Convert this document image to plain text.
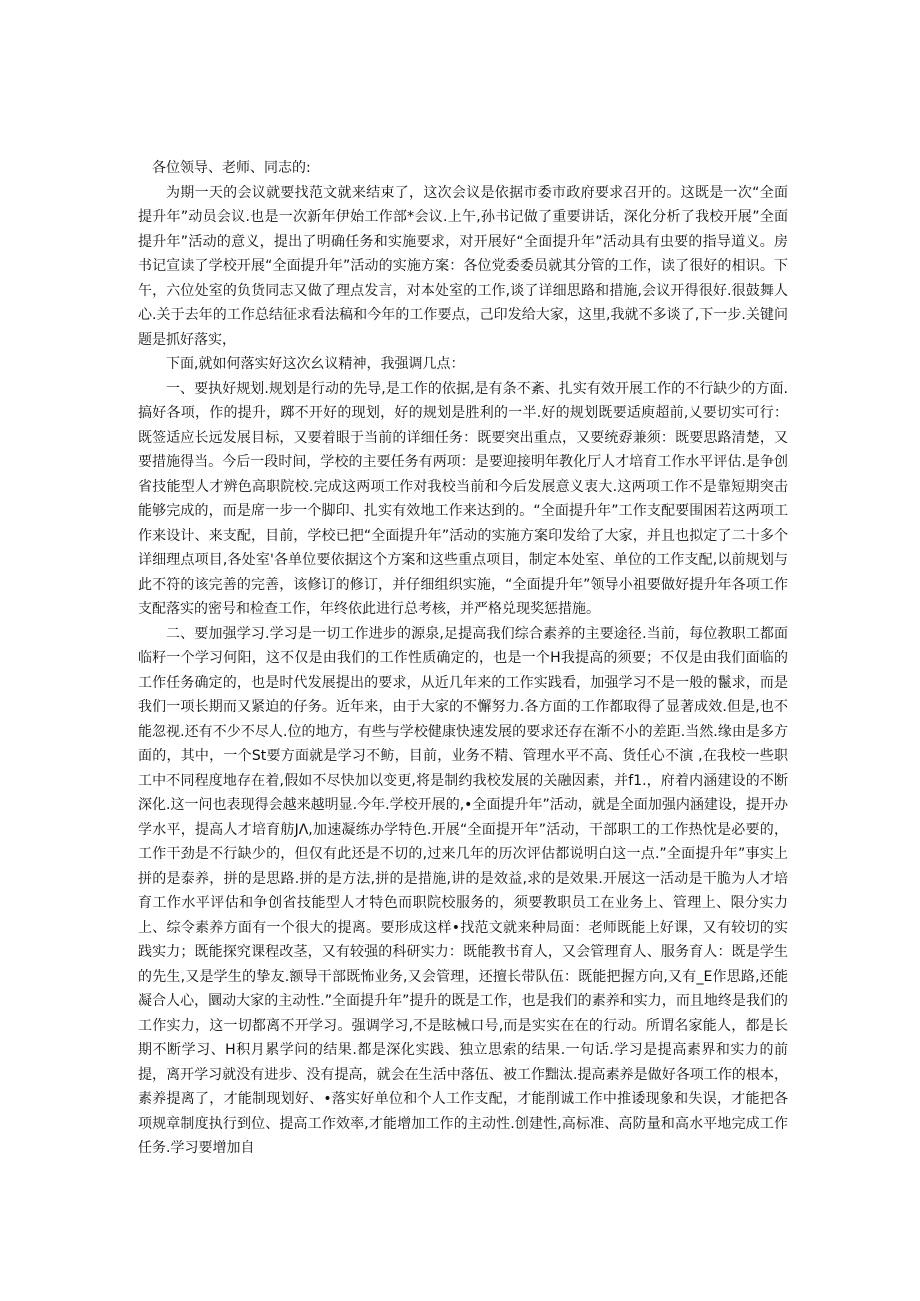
各位领导、老师、同志的:

为期一天的会议就要找范文就来结束了，这次会议是依据市委市政府要求召开的。这既是一次“全面提升年”动员会议.也是一次新年伊始工作部*会议.上午,孙书记做了重要讲话，深化分析了我校开展”全面提升年”活动的意义，提出了明确任务和实施要求，对开展好“全面提升年”活动具有虫要的指导道义。房书记宣读了学校开展“全面提升年”活动的实施方案：各位党委委员就其分管的工作，读了很好的相识。下午，六位处室的负货同志又做了理点发言，对本处室的工作,谈了详细思路和措施,会议开得很好.很鼓舞人心.关于去年的工作总结征求看法稿和今年的工作要点，己印发给大家，这里,我就不多谈了,下一步.关键问题是抓好落实，

下面,就如何落实好这次幺议精神，我强调几点：

一、要执好规划.规划是行动的先导,是工作的依据,是有条不紊、扎实有效开展工作的不行缺少的方面.搞好各项，作的提升，踯不开好的现划，好的规划是胜利的一半.好的规划既要适庾超前,乂要切实可行：既签适应长远发展目标，又要着眼于当前的详细任务：既要突出重点，又要统孬兼须：既要思路清楚，又要措施得当。今后一段时间，学校的主要任务有两项：是要迎接明年教化厅人才培育工作水平评估.是争创省技能型人才辨色高职院校.完成这两项工作对我校当前和今后发展意义衷大.这两项工作不是靠短期突击能够完成的，而是席一步一个脚印、扎实有效地工作来达到的。“全面提升年”工作支配要围困若这两项工作来设计、来支配，目前，学校已把“全面提升年”活动的实施方案印发给了大家，并且也拟定了二十多个详细理点项目,各处室'各单位要依据这个方案和这些重点项目，制定本处室、单位的工作支配,以前规划与此不符的该完善的完善，该修订的修订，并仔细组织实施，“全面提升年”领导小祖要做好提升年各项工作支配落实的密号和检查工作，年终依此进行总考核，并严格兑现奖惩措施。

二、要加强学习.学习是一切工作进步的源泉,足提高我们综合素养的主要途径.当前，每位教职工都面临籽一个学习何阳，这不仅是由我们的工作性质确定的，也是一个H我提高的须要；不仅是由我们面临的工作任务确定的，也是时代发展提出的要求，从近几年来的工作实践看，加强学习不是一般的鬣求，而是我们一项长期而又紧迫的仔务。近年来，由于大家的不懈努力.各方面的工作都取得了显著成效.但是,也不能忽视.还有不少不尽人.位的地方，有些与学校健康快速发展的要求还存在渐不小的差距.当然.缘由是多方面的，其中，一个St要方面就是学习不鲂，目前，业务不精、管理水平不高、货任心不演 ,在我校一些职工中不同程度地存在着,假如不尽快加以变更,将是制约我校发展的关融因素，并f1.，府着内涵建设的不断深化.这一问也表现得会越来越明显.今年.学校开展的,•全面提升年”活动，就是全面加强内涵建设，提开办学水平，提高人才培育舫JΛ,加速凝练办学特色.开展“全面提开年”活动，干部职工的工作热忱是必要的，工作干劲是不行缺少的，但仅有此还是不切的,过来几年的历次评估都说明白这一点.”全面提升年”事实上拼的是泰养，拼的是思路.拼的是方法,拼的是措施,讲的是效益,求的是效果.开展这一活动是干脆为人才培育工作水平评估和争创省技能型人才特色而职院校服务的，须要教职员工在业务上、管理上、限分实力上、综令素养方面有一个很大的提离。要形成这样•找范文就来种局面：老师既能上好课，又有较切的实践实力；既能探究课程改茎，又有较强的科研实力：既能教书育人，又会管理育人、服务育人：既是学生的先生,又是学生的挚友.额导干部既怖业务,又会管理，还擅长带队伍：既能把握方向,又有_E作思路,还能凝合人心，圜动大家的主动性.”全面提升年”提升的既是工作，也是我们的素养和实力，而且地终是我们的工作实力，这一切都离不开学习。强调学习,不是眩械口号,而是实实在在的行动。所谓名家能人，都是长期不断学习、H积月累学问的结果.都是深化实践、独立思索的结果.一句话.学习是提高素界和实力的前提，离开学习就没有进步、没有提高，就会在生活中落伍、被工作黜汰.提高素养是做好各项工作的根本，素养提离了，才能制现划好、•落实好单位和个人工作支配，才能削诚工作中推诿现象和失误，才能把各项规章制度执行到位、提高工作效率,才能增加工作的主动性.创建性,高标准、高防量和高水平地完成工作任务.学习要增加自
